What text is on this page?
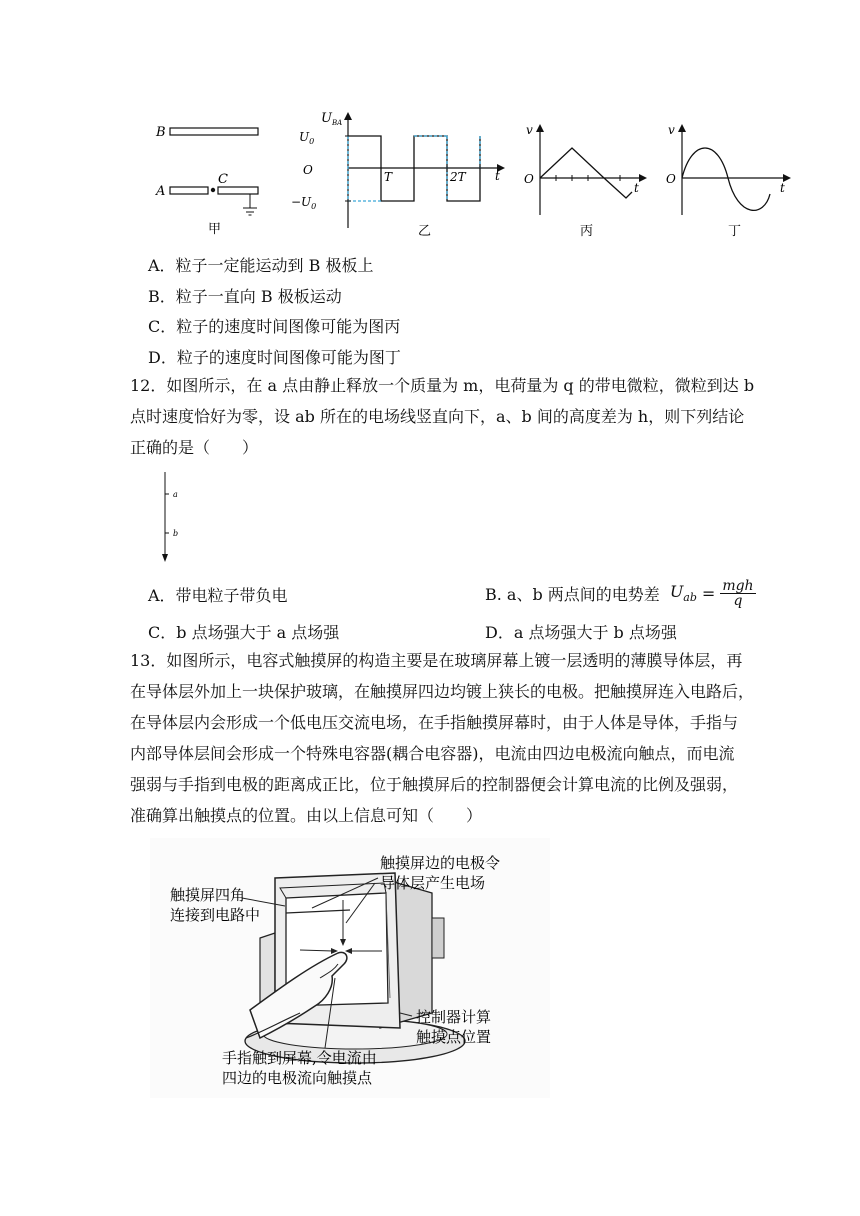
B
A
C
甲
$U_{BA}$
$U_0$
O
$-U_0$
T	2T t
乙
v
O
t
丙
v
O
t
丁
A．粒子一定能运动到 B 极板上
B．粒子一直向 B 极板运动
C．粒子的速度时间图像可能为图丙
D．粒子的速度时间图像可能为图丁
12．如图所示，在 a 点由静止释放一个质量为 m，电荷量为 q 的带电微粒，微粒到达 b
点时速度恰好为零，设 ab 所在的电场线竖直向下，a、b 间的高度差为 h，则下列结论
正确的是（　　）
a
b
A．带电粒子带负电	B. a、b 两点间的电势差 $U_{ab} = \frac{\text{mgh}}{q}$
C．b 点场强大于 a 点场强	D．a 点场强大于 b 点场强
13．如图所示，电容式触摸屏的构造主要是在玻璃屏幕上镀一层透明的薄膜导体层，再
在导体层外加上一块保护玻璃，在触摸屏四边均镀上狭长的电极。把触摸屏连入电路后，
在导体层内会形成一个低电压交流电场，在手指触摸屏幕时，由于人体是导体，手指与
内部导体层间会形成一个特殊电容器(耦合电容器)，电流由四边电极流向触点，而电流
强弱与手指到电极的距离成正比，位于触摸屏后的控制器便会计算电流的比例及强弱，
准确算出触摸点的位置。由以上信息可知（　　）
触摸屏边的电极令
导体层产生电场
触摸屏四角
连接到电路中
控制器计算
触摸点位置
手指触到屏幕,令电流由
四边的电极流向触摸点
